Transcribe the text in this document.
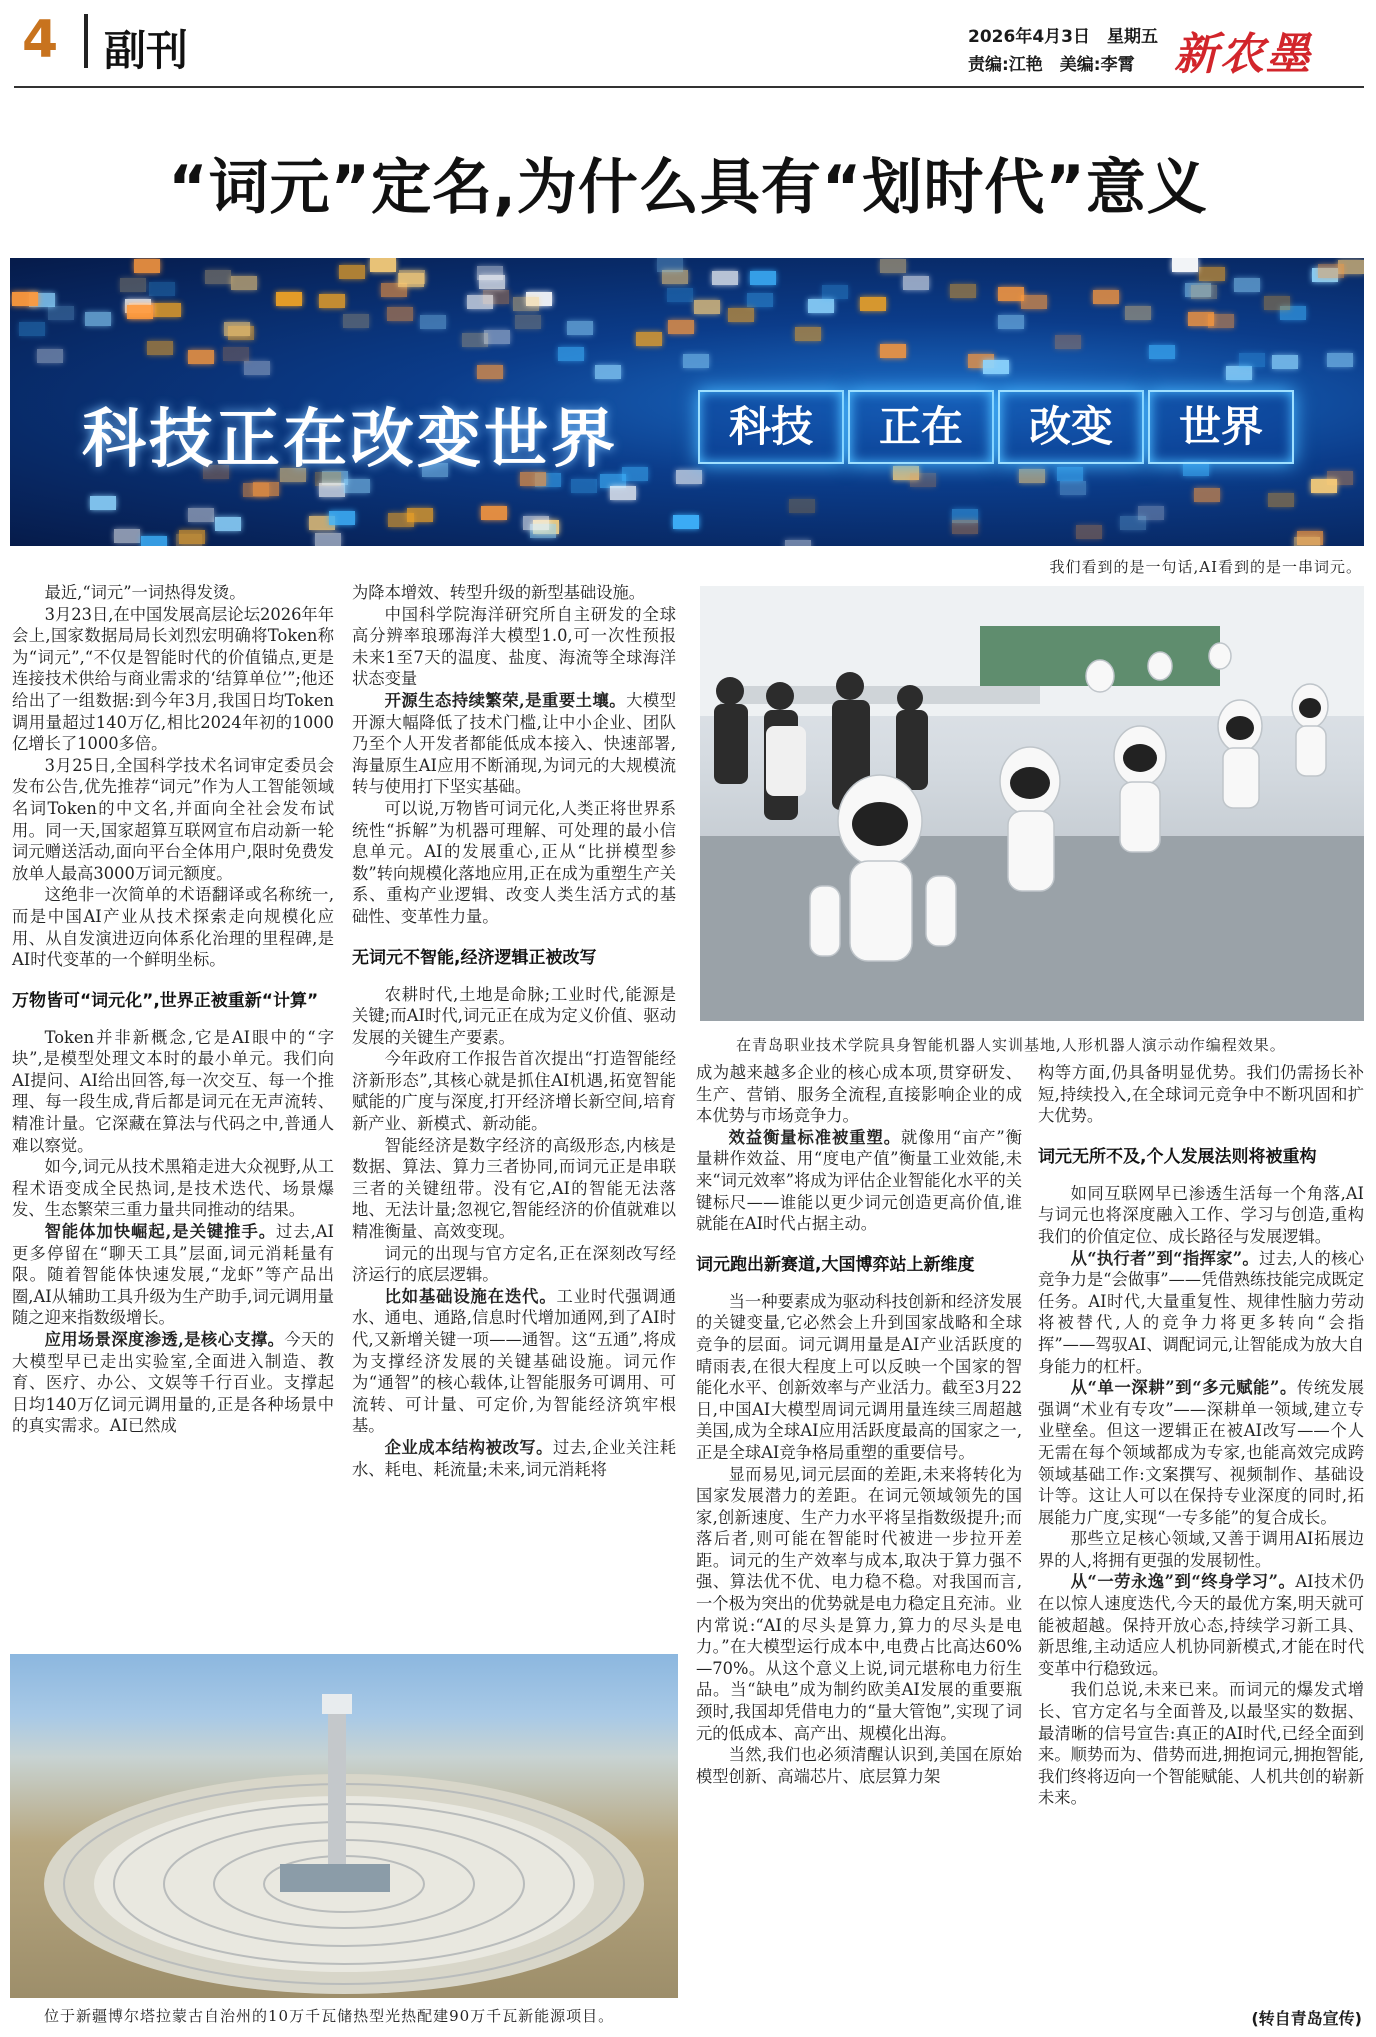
4 副刊	2026年4月3日　星期五
责编:江艳　美编:李霄 新农墨
“词元”定名,为什么具有“划时代”意义
科技正在改变世界	科技	正在	改变	世界
我们看到的是一句话,AI看到的是一串词元。
在青岛职业技术学院具身智能机器人实训基地,人形机器人演示动作编程效果。
位于新疆博尔塔拉蒙古自治州的10万千瓦储热型光热配建90万千瓦新能源项目。

最近,“词元”一词热得发烫。

3月23日,在中国发展高层论坛2026年年会上,国家数据局局长刘烈宏明确将Token称为“词元”,“不仅是智能时代的价值锚点,更是连接技术供给与商业需求的‘结算单位’”;他还给出了一组数据:到今年3月,我国日均Token调用量超过140万亿,相比2024年初的1000亿增长了1000多倍。

3月25日,全国科学技术名词审定委员会发布公告,优先推荐“词元”作为人工智能领域名词Token的中文名,并面向全社会发布试用。同一天,国家超算互联网宣布启动新一轮词元赠送活动,面向平台全体用户,限时免费发放单人最高3000万词元额度。

这绝非一次简单的术语翻译或名称统一,而是中国AI产业从技术探索走向规模化应用、从自发演进迈向体系化治理的里程碑,是AI时代变革的一个鲜明坐标。

万物皆可“词元化”,世界正被重新“计算”

Token并非新概念,它是AI眼中的“字块”,是模型处理文本时的最小单元。我们向AI提问、AI给出回答,每一次交互、每一个推理、每一段生成,背后都是词元在无声流转、精准计量。它深藏在算法与代码之中,普通人难以察觉。

如今,词元从技术黑箱走进大众视野,从工程术语变成全民热词,是技术迭代、场景爆发、生态繁荣三重力量共同推动的结果。

智能体加快崛起,是关键推手。过去,AI更多停留在“聊天工具”层面,词元消耗量有限。随着智能体快速发展,“龙虾”等产品出圈,AI从辅助工具升级为生产助手,词元调用量随之迎来指数级增长。

应用场景深度渗透,是核心支撑。今天的大模型早已走出实验室,全面进入制造、教育、医疗、办公、文娱等千行百业。支撑起日均140万亿词元调用量的,正是各种场景中的真实需求。AI已然成

为降本增效、转型升级的新型基础设施。

中国科学院海洋研究所自主研发的全球高分辨率琅琊海洋大模型1.0,可一次性预报未来1至7天的温度、盐度、海流等全球海洋状态变量

开源生态持续繁荣,是重要土壤。大模型开源大幅降低了技术门槛,让中小企业、团队乃至个人开发者都能低成本接入、快速部署,海量原生AI应用不断涌现,为词元的大规模流转与使用打下坚实基础。

可以说,万物皆可词元化,人类正将世界系统性“拆解”为机器可理解、可处理的最小信息单元。AI的发展重心,正从“比拼模型参数”转向规模化落地应用,正在成为重塑生产关系、重构产业逻辑、改变人类生活方式的基础性、变革性力量。

无词元不智能,经济逻辑正被改写

农耕时代,土地是命脉;工业时代,能源是关键;而AI时代,词元正在成为定义价值、驱动发展的关键生产要素。

今年政府工作报告首次提出“打造智能经济新形态”,其核心就是抓住AI机遇,拓宽智能赋能的广度与深度,打开经济增长新空间,培育新产业、新模式、新动能。

智能经济是数字经济的高级形态,内核是数据、算法、算力三者协同,而词元正是串联三者的关键纽带。没有它,AI的智能无法落地、无法计量;忽视它,智能经济的价值就难以精准衡量、高效变现。

词元的出现与官方定名,正在深刻改写经济运行的底层逻辑。

比如基础设施在迭代。工业时代强调通水、通电、通路,信息时代增加通网,到了AI时代,又新增关键一项——通智。这“五通”,将成为支撑经济发展的关键基础设施。词元作为“通智”的核心载体,让智能服务可调用、可流转、可计量、可定价,为智能经济筑牢根基。

企业成本结构被改写。过去,企业关注耗水、耗电、耗流量;未来,词元消耗将

成为越来越多企业的核心成本项,贯穿研发、生产、营销、服务全流程,直接影响企业的成本优势与市场竞争力。

效益衡量标准被重塑。就像用“亩产”衡量耕作效益、用“度电产值”衡量工业效能,未来“词元效率”将成为评估企业智能化水平的关键标尺——谁能以更少词元创造更高价值,谁就能在AI时代占据主动。

词元跑出新赛道,大国博弈站上新维度

当一种要素成为驱动科技创新和经济发展的关键变量,它必然会上升到国家战略和全球竞争的层面。词元调用量是AI产业活跃度的晴雨表,在很大程度上可以反映一个国家的智能化水平、创新效率与产业活力。截至3月22日,中国AI大模型周词元调用量连续三周超越美国,成为全球AI应用活跃度最高的国家之一,正是全球AI竞争格局重塑的重要信号。

显而易见,词元层面的差距,未来将转化为国家发展潜力的差距。在词元领域领先的国家,创新速度、生产力水平将呈指数级提升;而落后者,则可能在智能时代被进一步拉开差距。词元的生产效率与成本,取决于算力强不强、算法优不优、电力稳不稳。对我国而言,一个极为突出的优势就是电力稳定且充沛。业内常说:“AI的尽头是算力,算力的尽头是电力。”在大模型运行成本中,电费占比高达60%—70%。从这个意义上说,词元堪称电力衍生品。当“缺电”成为制约欧美AI发展的重要瓶颈时,我国却凭借电力的“量大管饱”,实现了词元的低成本、高产出、规模化出海。

当然,我们也必须清醒认识到,美国在原始模型创新、高端芯片、底层算力架

构等方面,仍具备明显优势。我们仍需扬长补短,持续投入,在全球词元竞争中不断巩固和扩大优势。

词元无所不及,个人发展法则将被重构

如同互联网早已渗透生活每一个角落,AI与词元也将深度融入工作、学习与创造,重构我们的价值定位、成长路径与发展逻辑。

从“执行者”到“指挥家”。过去,人的核心竞争力是“会做事”——凭借熟练技能完成既定任务。AI时代,大量重复性、规律性脑力劳动将被替代,人的竞争力将更多转向“会指挥”——驾驭AI、调配词元,让智能成为放大自身能力的杠杆。

从“单一深耕”到“多元赋能”。传统发展强调“术业有专攻”——深耕单一领域,建立专业壁垒。但这一逻辑正在被AI改写——个人无需在每个领域都成为专家,也能高效完成跨领域基础工作:文案撰写、视频制作、基础设计等。这让人可以在保持专业深度的同时,拓展能力广度,实现“一专多能”的复合成长。

那些立足核心领域,又善于调用AI拓展边界的人,将拥有更强的发展韧性。

从“一劳永逸”到“终身学习”。AI技术仍在以惊人速度迭代,今天的最优方案,明天就可能被超越。保持开放心态,持续学习新工具、新思维,主动适应人机协同新模式,才能在时代变革中行稳致远。

我们总说,未来已来。而词元的爆发式增长、官方定名与全面普及,以最坚实的数据、最清晰的信号宣告:真正的AI时代,已经全面到来。顺势而为、借势而进,拥抱词元,拥抱智能,我们终将迈向一个智能赋能、人机共创的崭新未来。

(转自青岛宣传)
